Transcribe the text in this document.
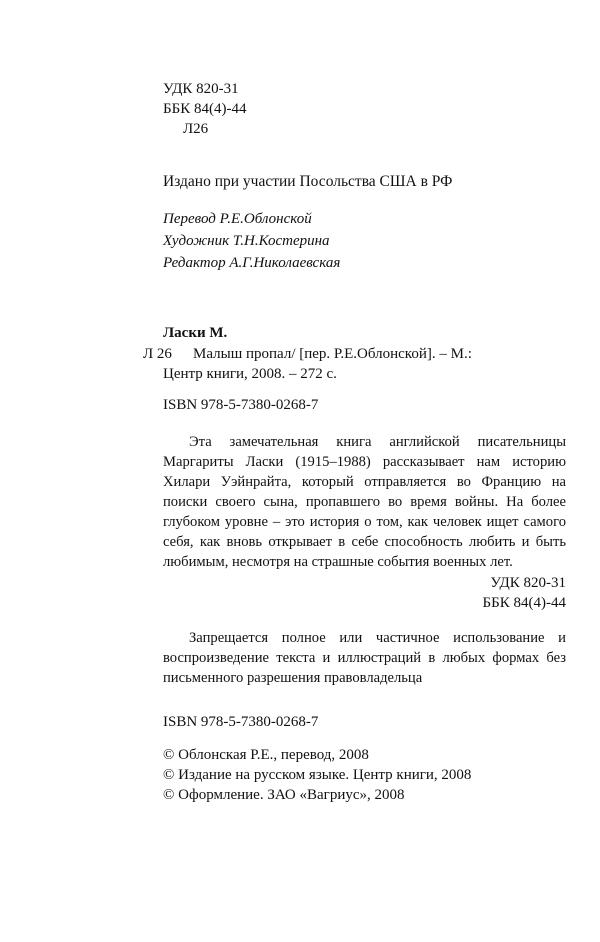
УДК 820-31
ББК 84(4)-44
Л26
Издано при участии Посольства США в РФ
Перевод Р.Е.Облонской
Художник Т.Н.Костерина
Редактор А.Г.Николаевская
Ласки М.
Л 26 Малыш пропал/ [пер. Р.Е.Облонской]. – М.:
Центр книги, 2008. – 272 с.
ISBN 978-5-7380-0268-7

Эта замечательная книга английской писательницы Маргариты Ласки (1915–1988) рассказывает нам историю Хилари Уэйнрайта, который отправляется во Францию на поиски своего сына, пропавшего во время войны. На более глубоком уровне – это история о том, как человек ищет самого себя, как вновь открывает в себе способность любить и быть любимым, несмотря на страшные события военных лет.

УДК 820-31
ББК 84(4)-44

Запрещается полное или частичное использование и воспроизведение текста и иллюстраций в любых формах без письменного разрешения правовладельца

ISBN 978-5-7380-0268-7
© Облонская Р.Е., перевод, 2008
© Издание на русском языке. Центр книги, 2008
© Оформление. ЗАО «Вагриус», 2008
